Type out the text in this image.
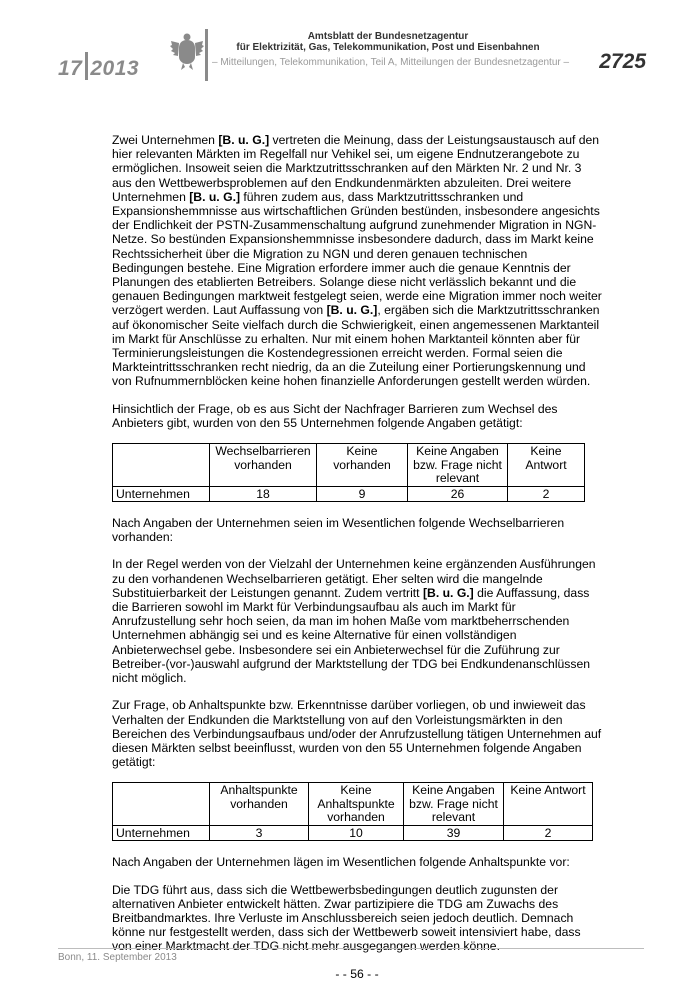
17 2013
Amtsblatt der Bundesnetzagentur
für Elektrizität, Gas, Telekommunikation, Post und Eisenbahnen
– Mitteilungen, Telekommunikation, Teil A, Mitteilungen der Bundesnetzagentur – 2725

Zwei Unternehmen [B. u. G.] vertreten die Meinung, dass der Leistungsaustausch auf den hier relevanten Märkten im Regelfall nur Vehikel sei, um eigene Endnutzerangebote zu ermöglichen. Insoweit seien die Marktzutrittsschranken auf den Märkten Nr. 2 und Nr. 3 aus den Wettbewerbsproblemen auf den Endkundenmärkten abzuleiten. Drei weitere Unternehmen [B. u. G.] führen zudem aus, dass Marktzutrittsschranken und Expansionshemmnisse aus wirtschaftlichen Gründen bestünden, insbesondere angesichts der Endlichkeit der PSTN-Zusammenschaltung aufgrund zunehmender Migration in NGN-Netze. So bestünden Expansionshemmnisse insbesondere dadurch, dass im Markt keine Rechtssicherheit über die Migration zu NGN und deren genauen technischen Bedingungen bestehe. Eine Migration erfordere immer auch die genaue Kenntnis der Planungen des etablierten Betreibers. Solange diese nicht verlässlich bekannt und die genauen Bedingungen marktweit festgelegt seien, werde eine Migration immer noch weiter verzögert werden. Laut Auffassung von [B. u. G.], ergäben sich die Marktzutrittsschranken auf ökonomischer Seite vielfach durch die Schwierigkeit, einen angemessenen Marktanteil im Markt für Anschlüsse zu erhalten. Nur mit einem hohen Marktanteil könnten aber für Terminierungsleistungen die Kostendegressionen erreicht werden. Formal seien die Markteintrittsschranken recht niedrig, da an die Zuteilung einer Portierungskennung und von Rufnummernblöcken keine hohen finanzielle Anforderungen gestellt werden würden.

Hinsichtlich der Frage, ob es aus Sicht der Nachfrager Barrieren zum Wechsel des Anbieters gibt, wurden von den 55 Unternehmen folgende Angaben getätigt:

	Wechselbarrieren vorhanden	Keine vorhanden	Keine Angaben bzw. Frage nicht relevant	Keine Antwort
Unternehmen	18	9	26	2

Nach Angaben der Unternehmen seien im Wesentlichen folgende Wechselbarrieren vorhanden:

In der Regel werden von der Vielzahl der Unternehmen keine ergänzenden Ausführungen zu den vorhandenen Wechselbarrieren getätigt. Eher selten wird die mangelnde Substituierbarkeit der Leistungen genannt. Zudem vertritt [B. u. G.] die Auffassung, dass die Barrieren sowohl im Markt für Verbindungsaufbau als auch im Markt für Anrufzustellung sehr hoch seien, da man im hohen Maße vom marktbeherrschenden Unternehmen abhängig sei und es keine Alternative für einen vollständigen Anbieterwechsel gebe. Insbesondere sei ein Anbieterwechsel für die Zuführung zur Betreiber-(vor-)auswahl aufgrund der Marktstellung der TDG bei Endkundenanschlüssen nicht möglich.

Zur Frage, ob Anhaltspunkte bzw. Erkenntnisse darüber vorliegen, ob und inwieweit das Verhalten der Endkunden die Marktstellung von auf den Vorleistungsmärkten in den Bereichen des Verbindungsaufbaus und/oder der Anrufzustellung tätigen Unternehmen auf diesen Märkten selbst beeinflusst, wurden von den 55 Unternehmen folgende Angaben getätigt:

	Anhaltspunkte vorhanden	Keine Anhaltspunkte vorhanden	Keine Angaben bzw. Frage nicht relevant	Keine Antwort
Unternehmen	3	10	39	2

Nach Angaben der Unternehmen lägen im Wesentlichen folgende Anhaltspunkte vor:

Die TDG führt aus, dass sich die Wettbewerbsbedingungen deutlich zugunsten der alternativen Anbieter entwickelt hätten. Zwar partizipiere die TDG am Zuwachs des Breitbandmarktes. Ihre Verluste im Anschlussbereich seien jedoch deutlich. Demnach könne nur festgestellt werden, dass sich der Wettbewerb soweit intensiviert habe, dass von einer Marktmacht der TDG nicht mehr ausgegangen werden könne.

- - 56 - -
Bonn, 11. September 2013
